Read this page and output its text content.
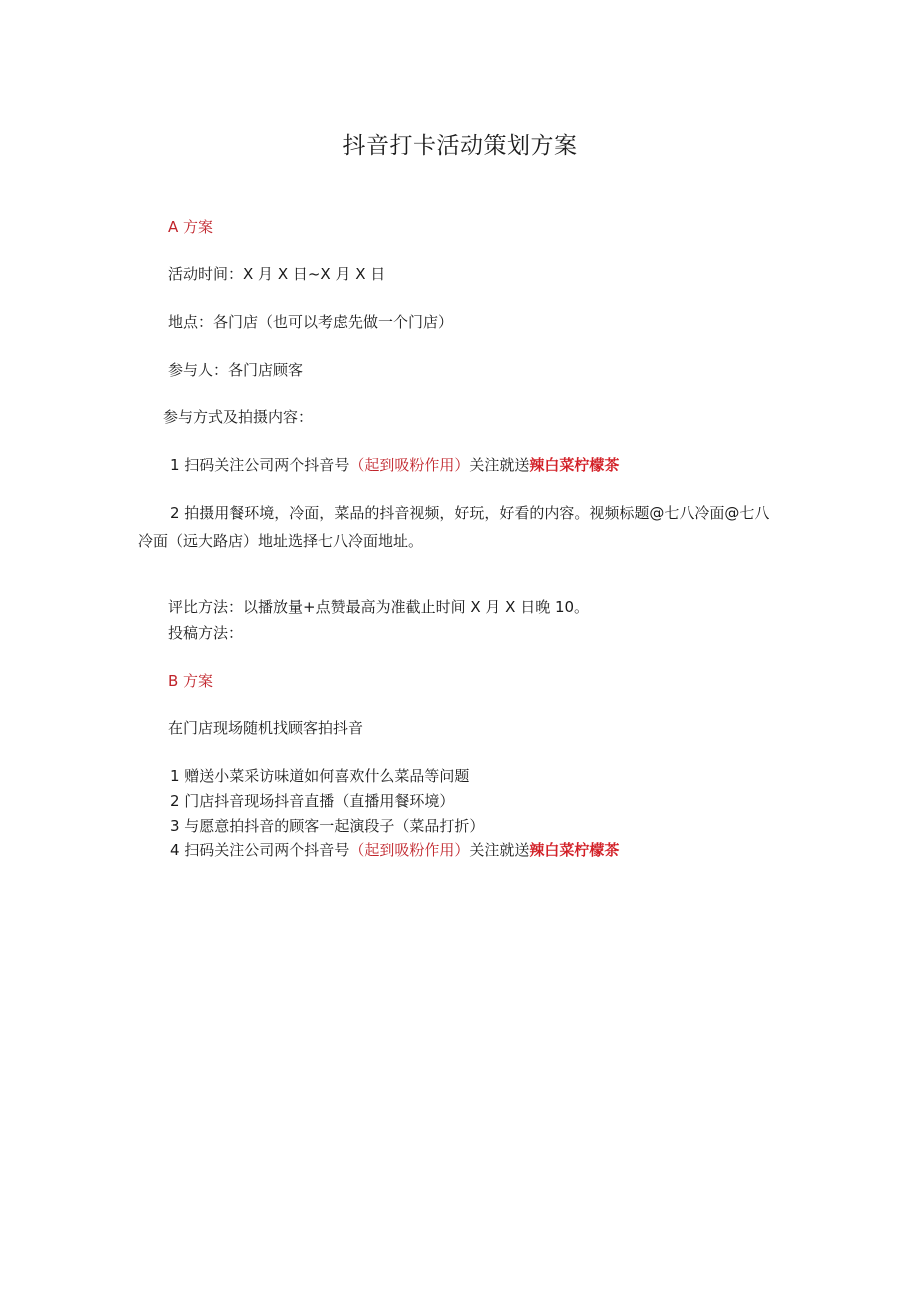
抖音打卡活动策划方案

A 方案

活动时间：X 月 X 日~X 月 X 日

地点：各门店（也可以考虑先做一个门店）

参与人：各门店顾客

参与方式及拍摄内容：

1 扫码关注公司两个抖音号（起到吸粉作用）关注就送辣白菜柠檬茶

2 拍摄用餐环境，冷面，菜品的抖音视频，好玩，好看的内容。视频标题@七八冷面@七八冷面（远大路店）地址选择七八冷面地址。

评比方法：以播放量+点赞最高为准截止时间 X 月 X 日晚 10。

投稿方法：

B 方案

在门店现场随机找顾客拍抖音

1 赠送小菜采访味道如何喜欢什么菜品等问题

2 门店抖音现场抖音直播（直播用餐环境）

3 与愿意拍抖音的顾客一起演段子（菜品打折）

4 扫码关注公司两个抖音号（起到吸粉作用）关注就送辣白菜柠檬茶
